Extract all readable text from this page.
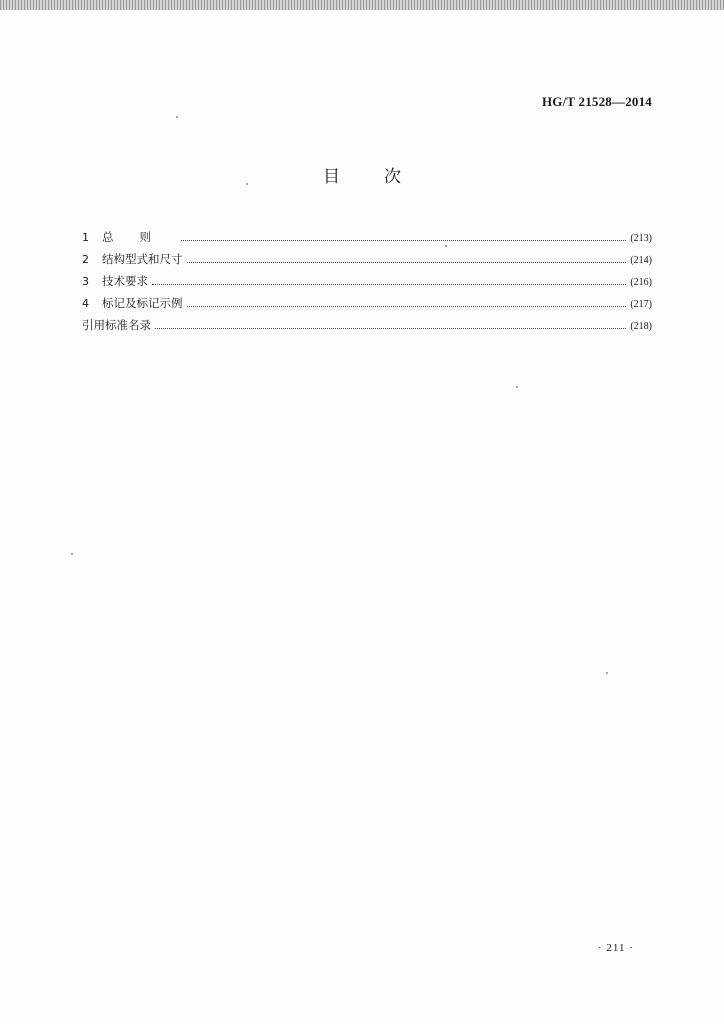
HG/T 21528—2014
目次
1	总则	(213)
2	结构型式和尺寸	(214)
3	技术要求	(216)
4	标记及标记示例	(217)
引用标准名录	(218)
· 211 ·
